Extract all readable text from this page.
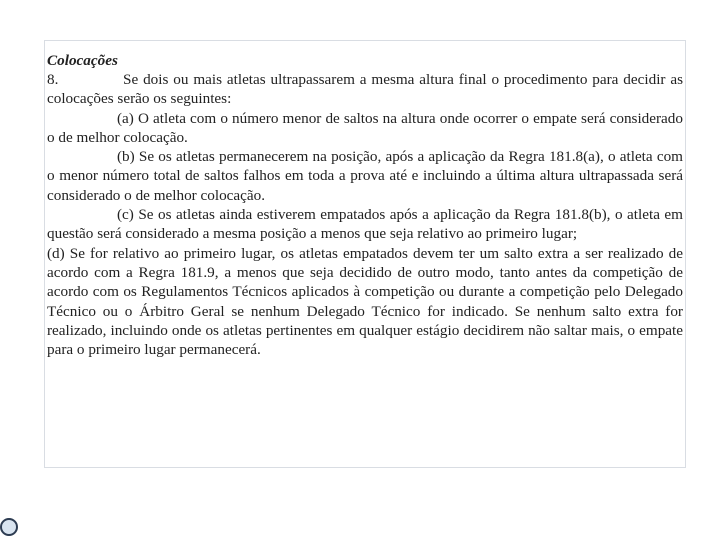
Colocações

8.	Se dois ou mais atletas ultrapassarem a mesma altura final o procedimento para decidir as colocações serão os seguintes:

(a) O atleta com o número menor de saltos na altura onde ocorrer o empate será considerado o de melhor colocação.

(b) Se os atletas permanecerem na posição, após a aplicação da Regra 181.8(a), o atleta com o menor número total de saltos falhos em toda a prova até e incluindo a última altura ultrapassada será considerado o de melhor colocação.

(c) Se os atletas ainda estiverem empatados após a aplicação da Regra 181.8(b), o atleta em questão será considerado a mesma posição a menos que seja relativo ao primeiro lugar;

(d) Se for relativo ao primeiro lugar, os atletas empatados devem ter um salto extra a ser realizado de acordo com a Regra 181.9, a menos que seja decidido de outro modo, tanto antes da competição de acordo com os Regulamentos Técnicos aplicados à competição ou durante a competição pelo Delegado Técnico ou o Árbitro Geral se nenhum Delegado Técnico for indicado. Se nenhum salto extra for realizado, incluindo onde os atletas pertinentes em qualquer estágio decidirem não saltar mais, o empate para o primeiro lugar permanecerá.
